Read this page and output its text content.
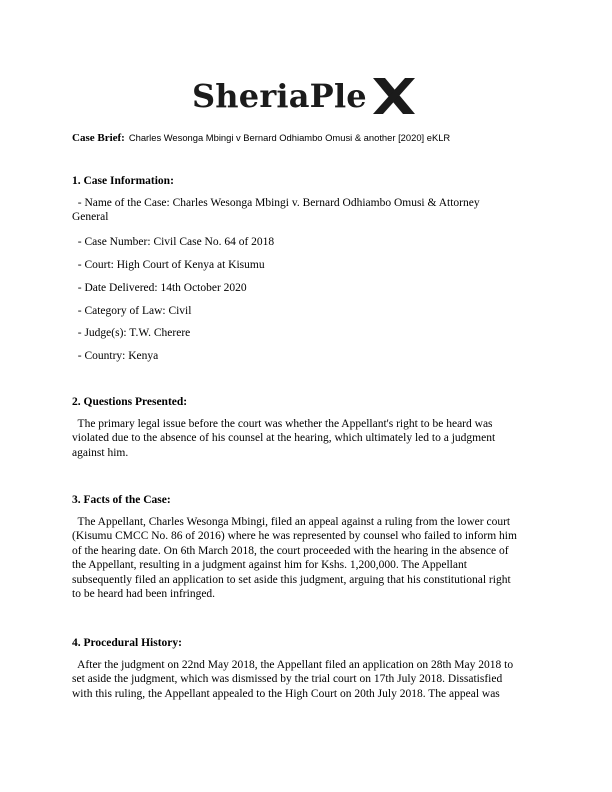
SheriaPle
Case Brief: Charles Wesonga Mbingi v Bernard Odhiambo Omusi & another [2020] eKLR
1. Case Information:
- Name of the Case: Charles Wesonga Mbingi v. Bernard Odhiambo Omusi & Attorney
General
- Case Number: Civil Case No. 64 of 2018
- Court: High Court of Kenya at Kisumu
- Date Delivered: 14th October 2020
- Category of Law: Civil
- Judge(s): T.W. Cherere
- Country: Kenya
2. Questions Presented:
The primary legal issue before the court was whether the Appellant's right to be heard was
violated due to the absence of his counsel at the hearing, which ultimately led to a judgment
against him.
3. Facts of the Case:
The Appellant, Charles Wesonga Mbingi, filed an appeal against a ruling from the lower court
(Kisumu CMCC No. 86 of 2016) where he was represented by counsel who failed to inform him
of the hearing date. On 6th March 2018, the court proceeded with the hearing in the absence of
the Appellant, resulting in a judgment against him for Kshs. 1,200,000. The Appellant
subsequently filed an application to set aside this judgment, arguing that his constitutional right
to be heard had been infringed.
4. Procedural History:
After the judgment on 22nd May 2018, the Appellant filed an application on 28th May 2018 to
set aside the judgment, which was dismissed by the trial court on 17th July 2018. Dissatisfied
with this ruling, the Appellant appealed to the High Court on 20th July 2018. The appeal was
